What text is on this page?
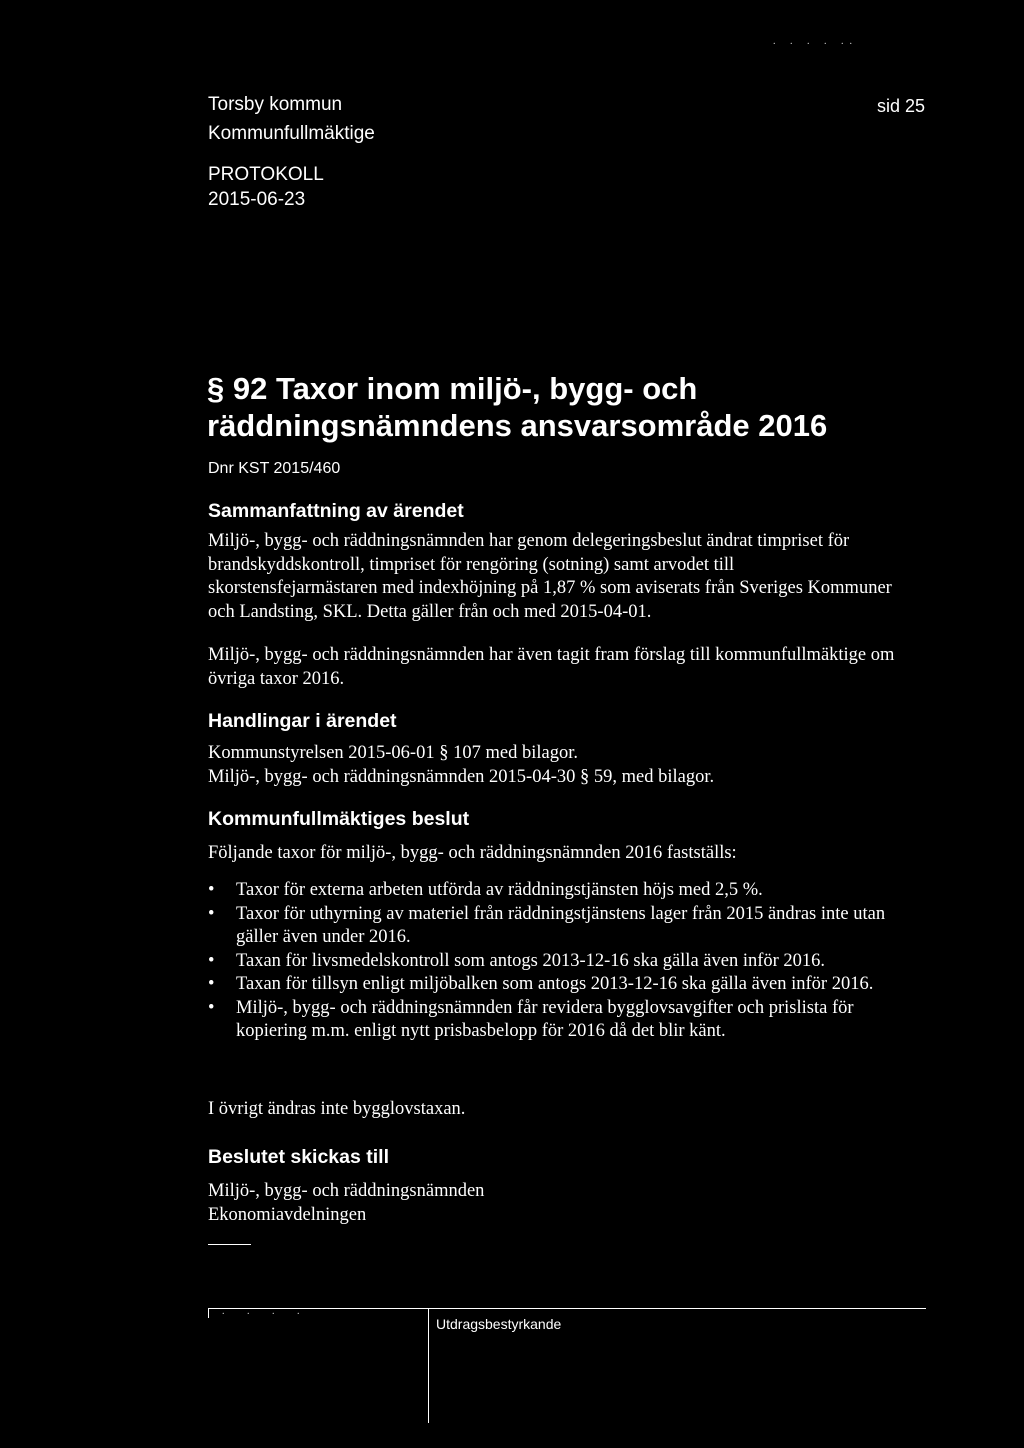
. . . . ..
Torsby kommun
Kommunfullmäktige
PROTOKOLL
2015-06-23
sid 25
§ 92 Taxor inom miljö-, bygg- och räddningsnämndens ansvarsområde 2016
Dnr KST 2015/460
Sammanfattning av ärendet
Miljö-, bygg- och räddningsnämnden har genom delegeringsbeslut ändrat timpriset för brandskyddskontroll, timpriset för rengöring (sotning) samt arvodet till skorstensfejarmästaren med indexhöjning på 1,87 % som aviserats från Sveriges Kommuner och Landsting, SKL. Detta gäller från och med 2015-04-01.
Miljö-, bygg- och räddningsnämnden har även tagit fram förslag till kommunfullmäktige om övriga taxor 2016.
Handlingar i ärendet
Kommunstyrelsen 2015-06-01 § 107 med bilagor.
Miljö-, bygg- och räddningsnämnden 2015-04-30 § 59, med bilagor.
Kommunfullmäktiges beslut
Följande taxor för miljö-, bygg- och räddningsnämnden 2016 fastställs:
• Taxor för externa arbeten utförda av räddningstjänsten höjs med 2,5 %.
• Taxor för uthyrning av materiel från räddningstjänstens lager från 2015 ändras inte utan gäller även under 2016.
• Taxan för livsmedelskontroll som antogs 2013-12-16 ska gälla även inför 2016.
• Taxan för tillsyn enligt miljöbalken som antogs 2013-12-16 ska gälla även inför 2016.
• Miljö-, bygg- och räddningsnämnden får revidera bygglovsavgifter och prislista för kopiering m.m. enligt nytt prisbasbelopp för 2016 då det blir känt.
I övrigt ändras inte bygglovstaxan.
Beslutet skickas till
Miljö-, bygg- och räddningsnämnden
Ekonomiavdelningen
. . . .
Utdragsbestyrkande
